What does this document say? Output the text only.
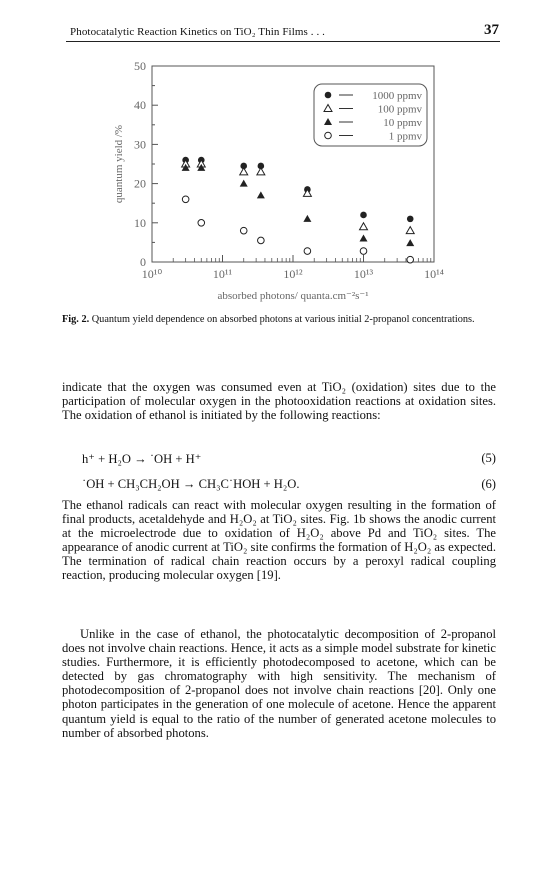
Photocatalytic Reaction Kinetics on TiO₂ Thin Films . . .	37
0
10
20
30
40
50
10¹⁰	10¹¹	10¹²	10¹³	10¹⁴
absorbed photons/ quanta.cm⁻²s⁻¹
quantum yield /%
1000 ppmv
100 ppmv
10 ppmv
1 ppmv
Fig. 2. Quantum yield dependence on absorbed photons at various initial 2-propanol concentrations.
indicate that the oxygen was consumed even at TiO₂ (oxidation) sites due to the participation of molecular oxygen in the photooxidation reactions at oxidation sites. The oxidation of ethanol is initiated by the following reactions:
h⁺ + H₂O → ˙OH + H⁺	(5)
˙OH + CH₃CH₂OH → CH₃C˙HOH + H₂O.	(6)
The ethanol radicals can react with molecular oxygen resulting in the formation of final products, acetaldehyde and H₂O₂ at TiO₂ sites. Fig. 1b shows the anodic current at the microelectrode due to oxidation of H₂O₂ above Pd and TiO₂ sites. The appearance of anodic current at TiO₂ site confirms the formation of H₂O₂ as expected. The termination of radical chain reaction occurs by a peroxyl radical coupling reaction, producing molecular oxygen [19].
Unlike in the case of ethanol, the photocatalytic decomposition of 2-propanol does not involve chain reactions. Hence, it acts as a simple model substrate for kinetic studies. Furthermore, it is efficiently photodecomposed to acetone, which can be detected by gas chromatography with high sensitivity. The mechanism of photodecomposition of 2-propanol does not involve chain reactions [20]. Only one photon participates in the generation of one molecule of acetone. Hence the apparent quantum yield is equal to the ratio of the number of generated acetone molecules to number of absorbed photons.
